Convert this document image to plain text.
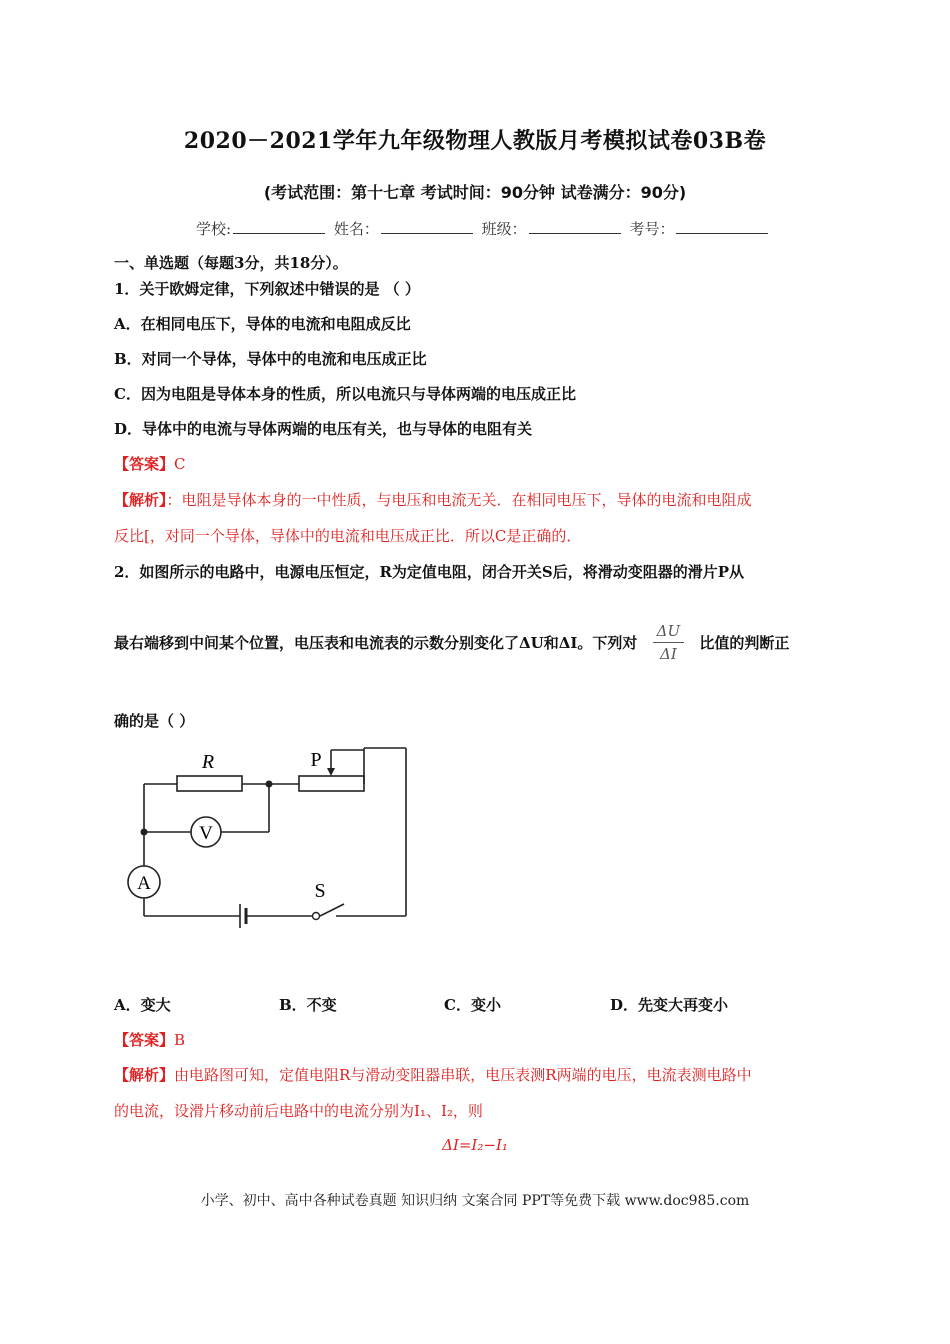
2020－2021学年九年级物理人教版月考模拟试卷03B卷
(考试范围：第十七章 考试时间：90分钟 试卷满分：90分)
学校:	姓名：	班级：	考号：
一、单选题（每题3分，共18分）。
1．关于欧姆定律，下列叙述中错误的是 （ ）
A．在相同电压下，导体的电流和电阻成反比
B．对同一个导体，导体中的电流和电压成正比
C．因为电阻是导体本身的性质，所以电流只与导体两端的电压成正比
D．导体中的电流与导体两端的电压有关，也与导体的电阻有关
【答案】C
【解析】：电阻是导体本身的一中性质，与电压和电流无关．在相同电压下，导体的电流和电阻成
反比[，对同一个导体，导体中的电流和电压成正比．所以C是正确的．
2．如图所示的电路中，电源电压恒定，R为定值电阻，闭合开关S后，将滑动变阻器的滑片P从
最右端移到中间某个位置，电压表和电流表的示数分别变化了ΔU和ΔI。下列对 $\frac{\Delta U}{\Delta I}$ 比值的判断正
确的是（ ）
R	P
V
A	S
A．变大	B．不变	C．变小	D．先变大再变小
【答案】B
【解析】由电路图可知，定值电阻R与滑动变阻器串联，电压表测R两端的电压，电流表测电路中
的电流，设滑片移动前后电路中的电流分别为I₁、I₂，则
ΔI=I₂−I₁
小学、初中、高中各种试卷真题 知识归纳 文案合同 PPT等免费下载 www.doc985.com
